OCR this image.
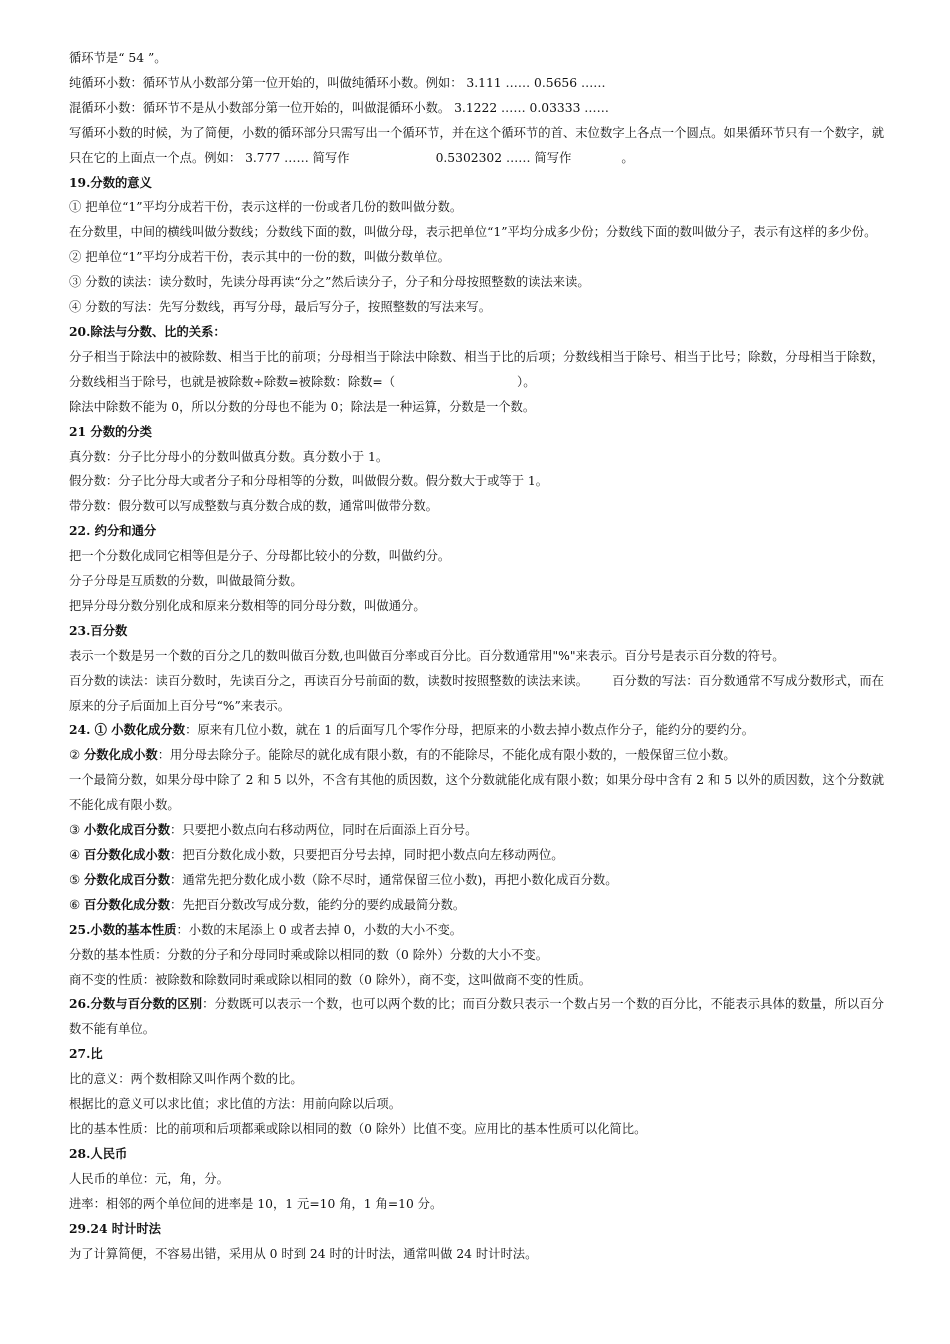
循环节是“ 54 ”。

纯循环小数：循环节从小数部分第一位开始的，叫做纯循环小数。例如： 3.111 …… 0.5656 ……

混循环小数：循环节不是从小数部分第一位开始的，叫做混循环小数。 3.1222 …… 0.03333 ……

写循环小数的时候，为了简便，小数的循环部分只需写出一个循环节，并在这个循环节的首、末位数字上各点一个圆点。如果循环节只有一个数字，就只在它的上面点一个点。例如： 3.777 …… 简写作	0.5302302 …… 简写作	。

19.分数的意义

① 把单位“1”平均分成若干份，表示这样的一份或者几份的数叫做分数。

在分数里，中间的横线叫做分数线；分数线下面的数，叫做分母，表示把单位“1”平均分成多少份；分数线下面的数叫做分子，表示有这样的多少份。

② 把单位“1”平均分成若干份，表示其中的一份的数，叫做分数单位。

③ 分数的读法：读分数时，先读分母再读“分之”然后读分子，分子和分母按照整数的读法来读。

④ 分数的写法：先写分数线，再写分母，最后写分子，按照整数的写法来写。

20.除法与分数、比的关系：

分子相当于除法中的被除数、相当于比的前项；分母相当于除法中除数、相当于比的后项；分数线相当于除号、相当于比号；除数，分母相当于除数，分数线相当于除号，也就是被除数÷除数=被除数：除数=（	）。

除法中除数不能为 0，所以分数的分母也不能为 0；除法是一种运算，分数是一个数。

21 分数的分类

真分数：分子比分母小的分数叫做真分数。真分数小于 1。

假分数：分子比分母大或者分子和分母相等的分数，叫做假分数。假分数大于或等于 1。

带分数：假分数可以写成整数与真分数合成的数，通常叫做带分数。

22. 约分和通分

把一个分数化成同它相等但是分子、分母都比较小的分数，叫做约分。

分子分母是互质数的分数，叫做最简分数。

把异分母分数分别化成和原来分数相等的同分母分数，叫做通分。

23.百分数

表示一个数是另一个数的百分之几的数叫做百分数,也叫做百分率或百分比。百分数通常用"%"来表示。百分号是表示百分数的符号。

百分数的读法：读百分数时，先读百分之，再读百分号前面的数，读数时按照整数的读法来读。 百分数的写法：百分数通常不写成分数形式，而在原来的分子后面加上百分号“%”来表示。

24. ① 小数化成分数：原来有几位小数，就在 1 的后面写几个零作分母，把原来的小数去掉小数点作分子，能约分的要约分。

② 分数化成小数：用分母去除分子。能除尽的就化成有限小数，有的不能除尽，不能化成有限小数的，一般保留三位小数。

一个最简分数，如果分母中除了 2 和 5 以外，不含有其他的质因数，这个分数就能化成有限小数；如果分母中含有 2 和 5 以外的质因数，这个分数就不能化成有限小数。

③ 小数化成百分数：只要把小数点向右移动两位，同时在后面添上百分号。

④ 百分数化成小数：把百分数化成小数，只要把百分号去掉，同时把小数点向左移动两位。

⑤ 分数化成百分数：通常先把分数化成小数（除不尽时，通常保留三位小数)，再把小数化成百分数。

⑥ 百分数化成分数：先把百分数改写成分数，能约分的要约成最简分数。

25.小数的基本性质：小数的末尾添上 0 或者去掉 0，小数的大小不变。

分数的基本性质：分数的分子和分母同时乘或除以相同的数（0 除外）分数的大小不变。

商不变的性质：被除数和除数同时乘或除以相同的数（0 除外），商不变，这叫做商不变的性质。

26.分数与百分数的区别：分数既可以表示一个数，也可以两个数的比；而百分数只表示一个数占另一个数的百分比，不能表示具体的数量，所以百分数不能有单位。

27.比

比的意义：两个数相除又叫作两个数的比。

根据比的意义可以求比值；求比值的方法：用前向除以后项。

比的基本性质：比的前项和后项都乘或除以相同的数（0 除外）比值不变。应用比的基本性质可以化简比。

28.人民币

人民币的单位：元，角，分。

进率：相邻的两个单位间的进率是 10，1 元=10 角，1 角=10 分。

29.24 时计时法

为了计算简便，不容易出错，采用从 0 时到 24 时的计时法，通常叫做 24 时计时法。
